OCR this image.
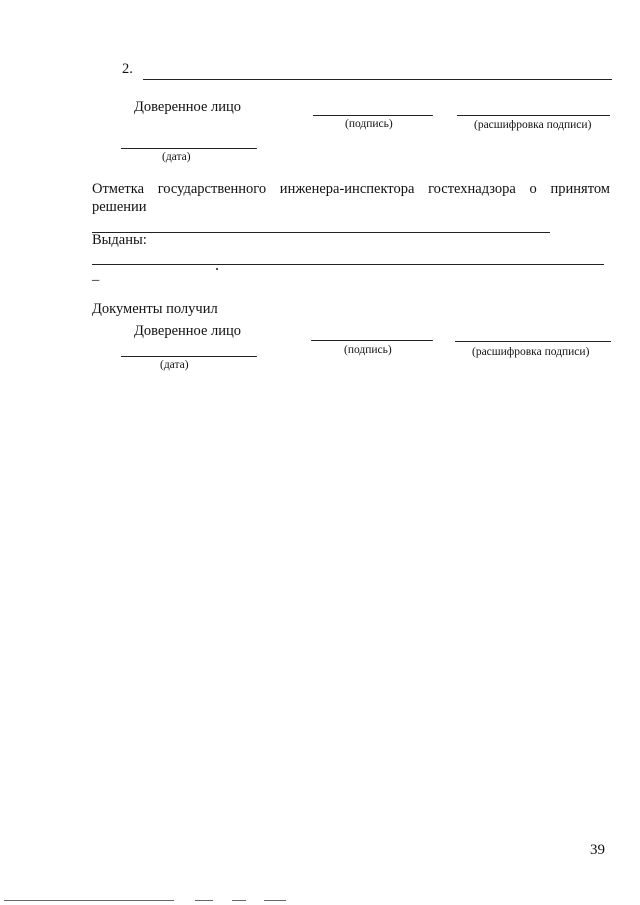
2.
Доверенное лицо
(подпись)	(расшифровка подписи)
(дата)
Отметка государственного инженера-инспектора гостехнадзора о принятом
решении
Выданы:
–
Документы получил
Доверенное лицо
(подпись)	(расшифровка подписи)
(дата)
39
